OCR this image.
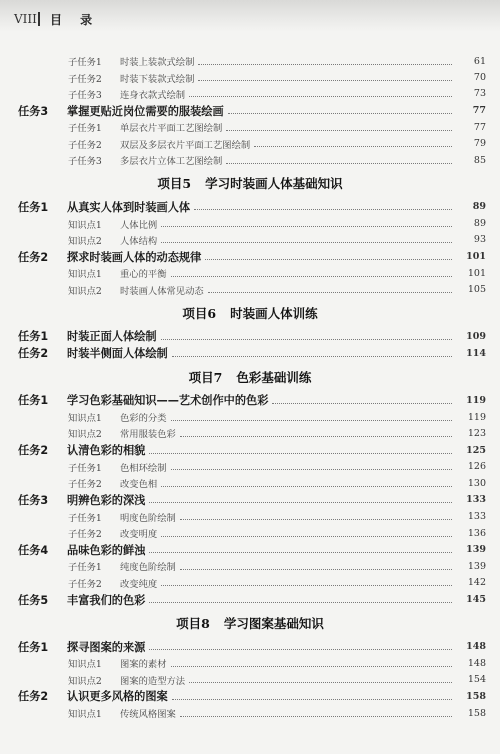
VIII 目 录
子任务1	时装上装款式绘制	61
子任务2	时装下装款式绘制	70
子任务3	连身衣款式绘制	73
任务3	掌握更贴近岗位需要的服装绘画	77
子任务1	单层衣片平面工艺图绘制	77
子任务2	双层及多层衣片平面工艺图绘制	79
子任务3	多层衣片立体工艺图绘制	85
项目5 学习时装画人体基础知识
任务1	从真实人体到时装画人体	89
知识点1	人体比例	89
知识点2	人体结构	93
任务2	探求时装画人体的动态规律	101
知识点1	重心的平衡	101
知识点2	时装画人体常见动态	105
项目6 时装画人体训练
任务1	时装正面人体绘制	109
任务2	时装半侧面人体绘制	114
项目7 色彩基础训练
任务1	学习色彩基础知识——艺术创作中的色彩	119
知识点1	色彩的分类	119
知识点2	常用服装色彩	123
任务2	认清色彩的相貌	125
子任务1	色相环绘制	126
子任务2	改变色相	130
任务3	明辨色彩的深浅	133
子任务1	明度色阶绘制	133
子任务2	改变明度	136
任务4	品味色彩的鲜浊	139
子任务1	纯度色阶绘制	139
子任务2	改变纯度	142
任务5	丰富我们的色彩	145
项目8 学习图案基础知识
任务1	探寻图案的来源	148
知识点1	图案的素材	148
知识点2	图案的造型方法	154
任务2	认识更多风格的图案	158
知识点1	传统风格图案	158
